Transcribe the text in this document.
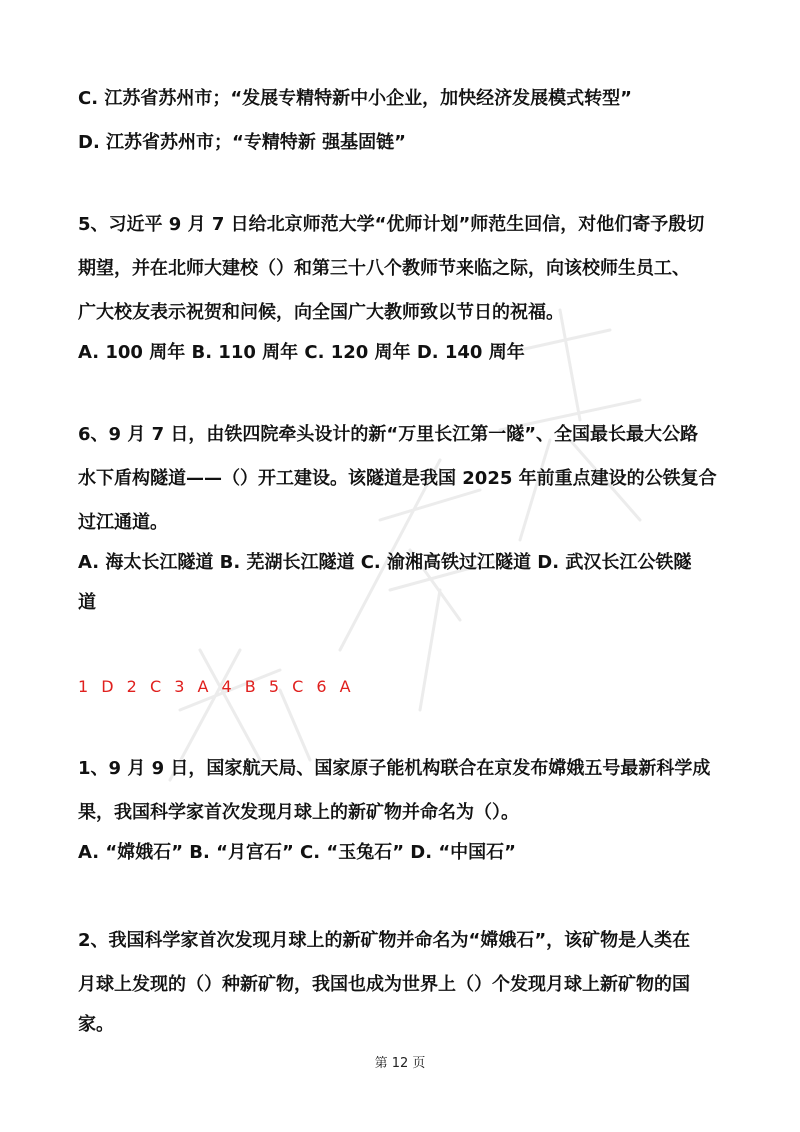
C. 江苏省苏州市；“发展专精特新中小企业，加快经济发展模式转型”
D. 江苏省苏州市；“专精特新 强基固链”
5、习近平 9 月 7 日给北京师范大学“优师计划”师范生回信，对他们寄予殷切
期望，并在北师大建校（）和第三十八个教师节来临之际，向该校师生员工、
广大校友表示祝贺和问候，向全国广大教师致以节日的祝福。
A. 100 周年 B. 110 周年 C. 120 周年 D. 140 周年
6、9 月 7 日，由铁四院牵头设计的新“万里长江第一隧”、全国最长最大公路
水下盾构隧道——（）开工建设。该隧道是我国 2025 年前重点建设的公铁复合
过江通道。
A. 海太长江隧道 B. 芜湖长江隧道 C. 渝湘高铁过江隧道 D. 武汉长江公铁隧
道
1 D 2 C 3 A 4 B 5 C 6 A
1、9 月 9 日，国家航天局、国家原子能机构联合在京发布嫦娥五号最新科学成
果，我国科学家首次发现月球上的新矿物并命名为（）。
A. “嫦娥石” B. “月宫石” C. “玉兔石” D. “中国石”
2、我国科学家首次发现月球上的新矿物并命名为“嫦娥石”，该矿物是人类在
月球上发现的（）种新矿物，我国也成为世界上（）个发现月球上新矿物的国
家。
第 12 页
